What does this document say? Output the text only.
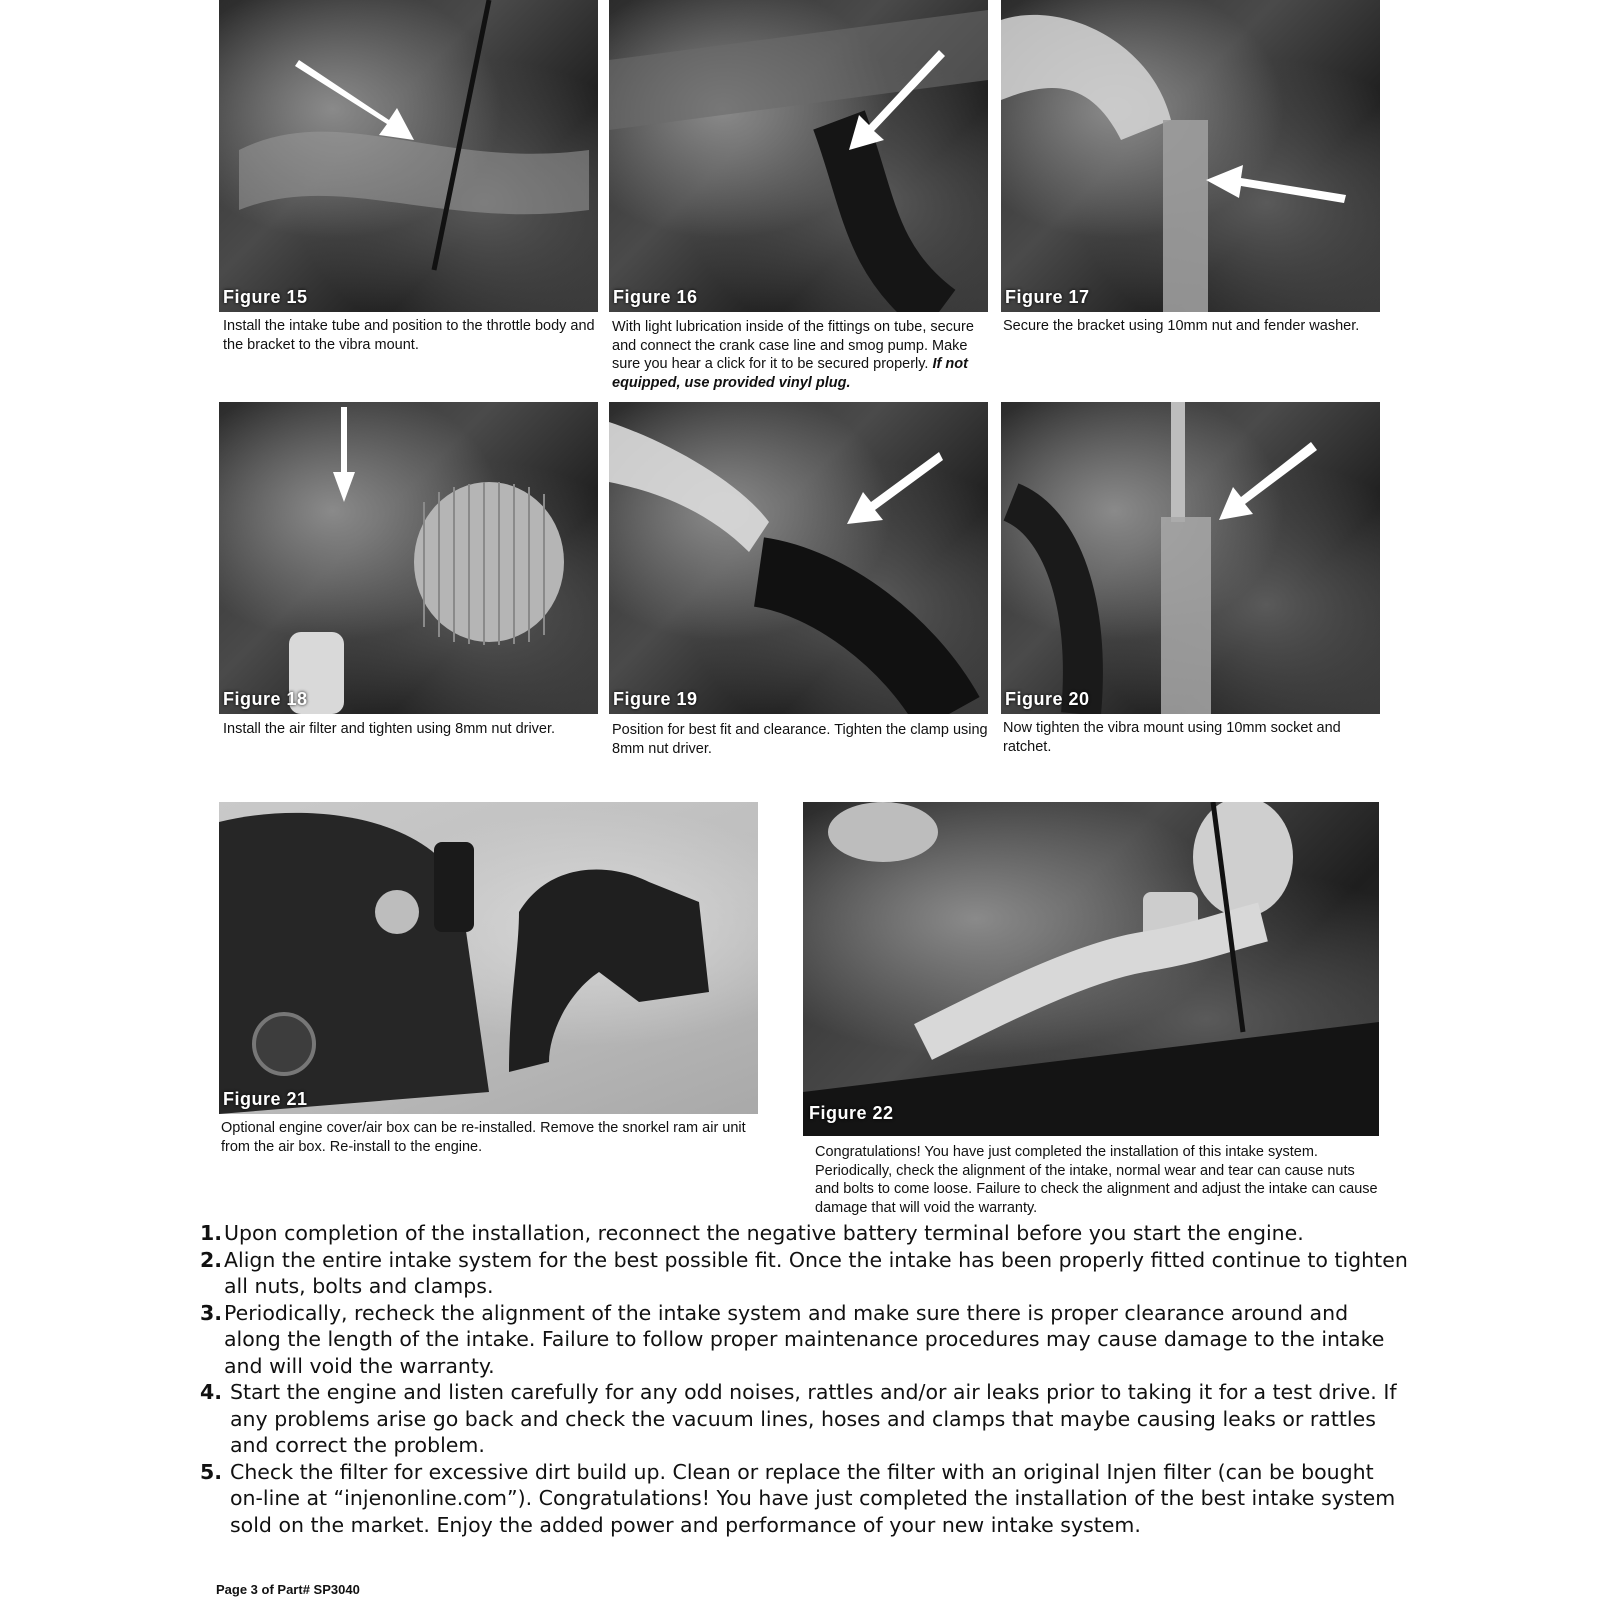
Figure 15
Install the intake tube and position to the throttle body and the bracket to the vibra mount.
Figure 16
With light lubrication inside of the fittings on tube, secure and connect the crank case line and smog pump. Make sure you hear a click for it to be secured properly. If not equipped, use provided vinyl plug.
Figure 17
Secure the bracket using 10mm nut and fender washer.
Figure 18
Install the air filter and tighten using 8mm nut driver.
Figure 19
Position for best fit and clearance. Tighten the clamp using 8mm nut driver.
Figure 20
Now tighten the vibra mount using 10mm socket and ratchet.
Figure 21
Optional engine cover/air box can be re-installed. Remove the snorkel ram air unit from the air box. Re-install to the engine.
Figure 22
Congratulations! You have just completed the installation of this intake system. Periodically, check the alignment of the intake, normal wear and tear can cause nuts and bolts to come loose. Failure to check the alignment and adjust the intake can cause damage that will void the warranty.
1. Upon completion of the installation, reconnect the negative battery terminal before you start the engine.
2. Align the entire intake system for the best possible fit. Once the intake has been properly fitted continue to tighten all nuts, bolts and clamps.
3. Periodically, recheck the alignment of the intake system and make sure there is proper clearance around and along the length of the intake. Failure to follow proper maintenance procedures may cause damage to the intake and will void the warranty.
4. Start the engine and listen carefully for any odd noises, rattles and/or air leaks prior to taking it for a test drive. If any problems arise go back and check the vacuum lines, hoses and clamps that maybe causing leaks or rattles and correct the problem.
5. Check the filter for excessive dirt build up. Clean or replace the filter with an original Injen filter (can be bought on-line at “injenonline.com”). Congratulations! You have just completed the installation of the best intake system sold on the market. Enjoy the added power and performance of your new intake system.
Page 3 of Part# SP3040
